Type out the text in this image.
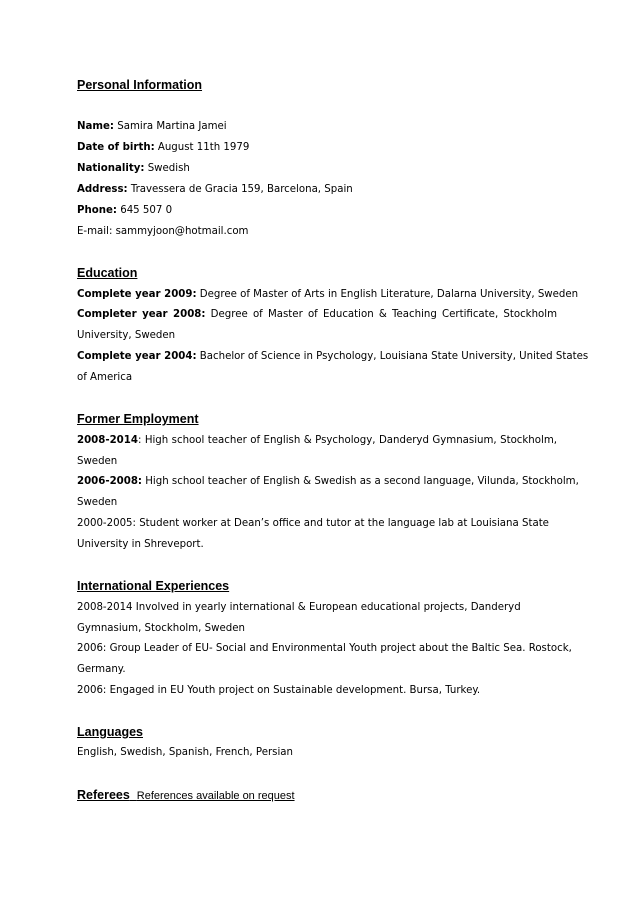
Personal Information
Name: Samira Martina Jamei
Date of birth: August 11th 1979
Nationality: Swedish
Address: Travessera de Gracia 159, Barcelona, Spain
Phone: 645 507 0
E-mail: sammyjoon@hotmail.com
Education
Complete year 2009: Degree of Master of Arts in English Literature, Dalarna University, Sweden
Completer year 2008: Degree of Master of Education & Teaching Certificate, Stockholm
University, Sweden
Complete year 2004: Bachelor of Science in Psychology, Louisiana State University, United States
of America
Former Employment
2008-2014: High school teacher of English & Psychology, Danderyd Gymnasium, Stockholm,
Sweden
2006-2008: High school teacher of English & Swedish as a second language, Vilunda, Stockholm,
Sweden
2000-2005: Student worker at Dean’s office and tutor at the language lab at Louisiana State
University in Shreveport.
International Experiences
2008-2014 Involved in yearly international & European educational projects, Danderyd
Gymnasium, Stockholm, Sweden
2006: Group Leader of EU- Social and Environmental Youth project about the Baltic Sea. Rostock,
Germany.
2006: Engaged in EU Youth project on Sustainable development. Bursa, Turkey.
Languages
English, Swedish, Spanish, French, Persian
Referees References available on request
